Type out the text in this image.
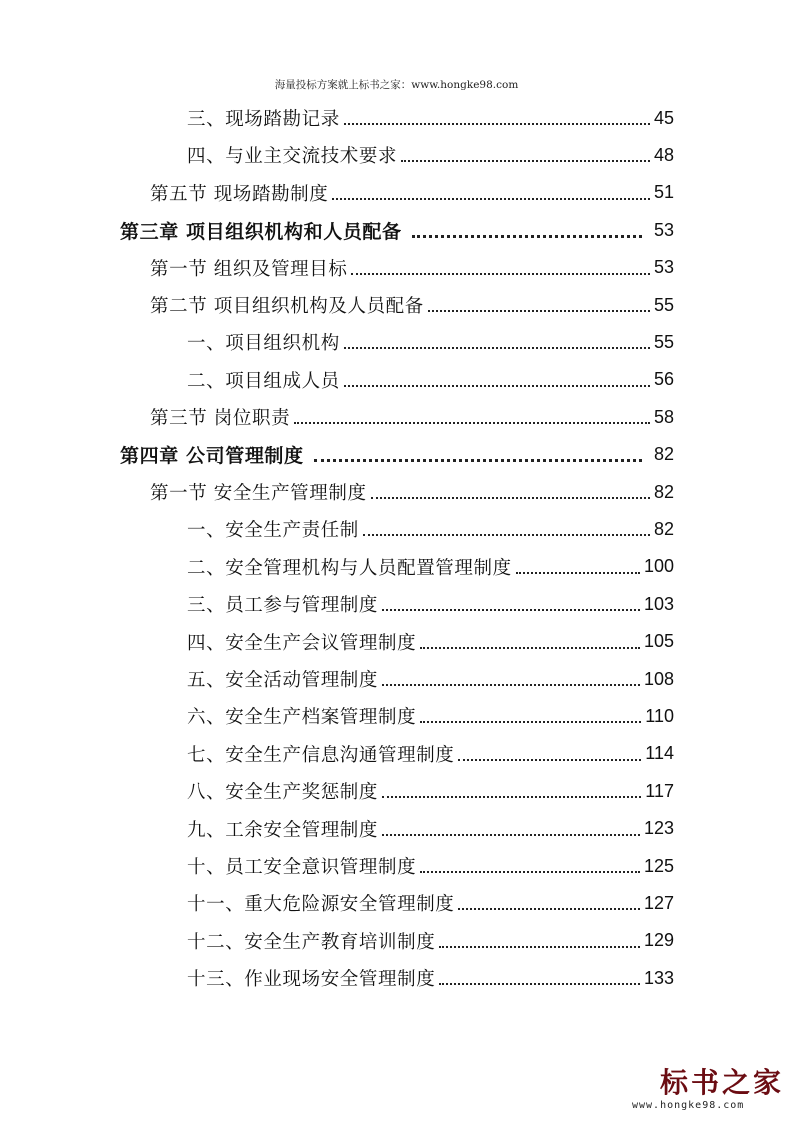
海量投标方案就上标书之家：www.hongke98.com
三、现场踏勘记录	45
四、与业主交流技术要求	48
第五节 现场踏勘制度	51
第三章 项目组织机构和人员配备	53
第一节 组织及管理目标	53
第二节 项目组织机构及人员配备	55
一、项目组织机构	55
二、项目组成人员	56
第三节 岗位职责	58
第四章 公司管理制度	82
第一节 安全生产管理制度	82
一、安全生产责任制	82
二、安全管理机构与人员配置管理制度	100
三、员工参与管理制度	103
四、安全生产会议管理制度	105
五、安全活动管理制度	108
六、安全生产档案管理制度	110
七、安全生产信息沟通管理制度	114
八、安全生产奖惩制度	117
九、工余安全管理制度	123
十、员工安全意识管理制度	125
十一、重大危险源安全管理制度	127
十二、安全生产教育培训制度	129
十三、作业现场安全管理制度	133
标书之家
www.hongke98.com
